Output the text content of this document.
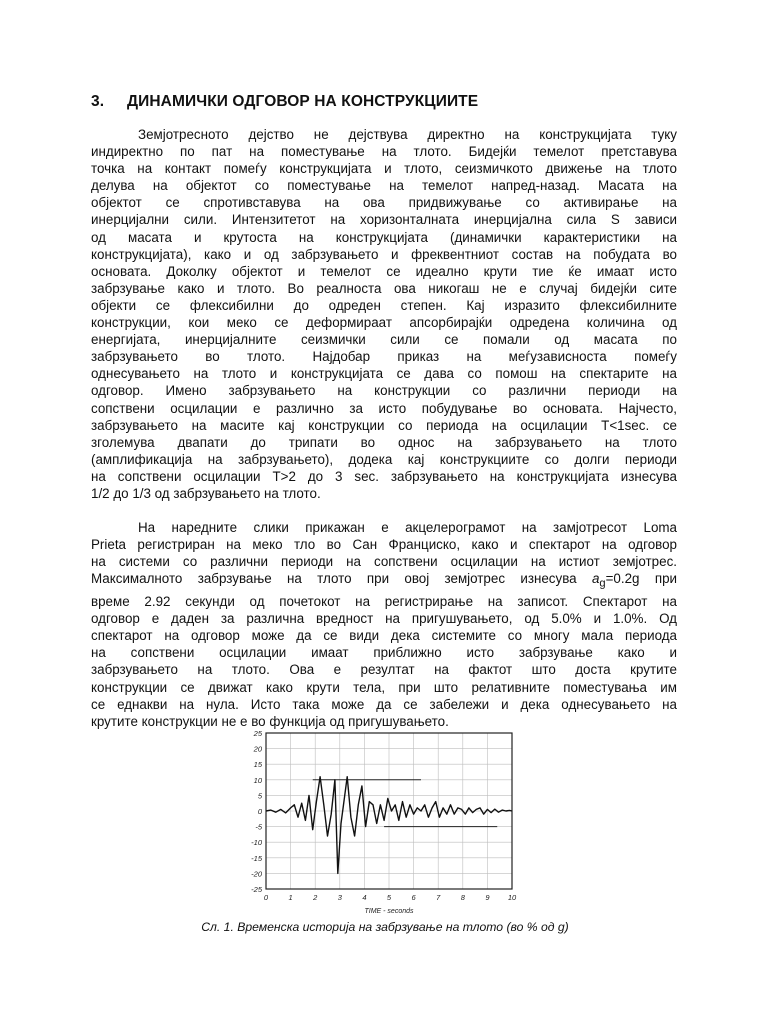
3.	ДИНАМИЧКИ ОДГОВОР НА КОНСТРУКЦИИТЕ
Земјотресното дејство не дејствува директно на конструкцијата туку
индиректно по пат на поместување на тлото. Бидејќи темелот претставува
точка на контакт помеѓу конструкцијата и тлото, сеизмичкото движење на тлото
делува на објектот со поместување на темелот напред-назад. Масата на
објектот се спротивставува на ова придвижување со активирање на
инерцијални сили. Интензитетот на хоризонталната инерцијална сила S зависи
од масата и крутоста на конструкцијата (динамички карактеристики на
конструкцијата), како и од забрзувањето и фреквентниот состав на побудата во
основата. Доколку објектот и темелот се идеално крути тие ќе имаат исто
забрзување како и тлото. Во реалноста ова никогаш не е случај бидејќи сите
објекти се флексибилни до одреден степен. Кај изразито флексибилните
конструкции, кои меко се деформираат апсорбирајќи одредена количина од
енергијата, инерцијалните сеизмички сили се помали од масата по
забрзувањето во тлото. Најдобар приказ на меѓузависноста помеѓу
однесувањето на тлото и конструкцијата се дава со помош на спектарите на
одговор. Имено забрзувањето на конструкции со различни периоди на
сопствени осцилации е различно за исто побудување во основата. Најчесто,
забрзувањето на масите кај конструкции со периода на осцилации T<1sec. се
зголемува двапати до трипати во однос на забрзувањето на тлото
(амплификација на забрзувањето), додека кај конструкциите со долги периоди
на сопствени осцилации T>2 до 3 sec. забрзувањето на конструкцијата изнесува
1/2 до 1/3 од забрзувањето на тлото.
На наредните слики прикажан е акцелерограмот на замјотресот Loma
Prieta регистриран на меко тло во Сан Франциско, како и спектарот на одговор
на системи со различни периоди на сопствени осцилации на истиот земјотрес.
Максималното забрзување на тлото при овој земјотрес изнесува $a_g=0.2g$ при
време 2.92 секунди од почетокот на регистрирање на записот. Спектарот на
одговор е даден за различна вредност на пригушувањето, од 5.0% и 1.0%. Од
спектарот на одговор може да се види дека системите со многу мала периода
на сопствени осцилации имаат приближно исто забрзување како и
забрзувањето на тлото. Ова е резултат на фактот што доста крутите
конструкции се движат како крути тела, при што релативните поместувања им
се еднакви на нула. Исто така може да се забележи и дека однесувањето на
крутите конструкции не е во функција од пригушувањето.
25
20
15
10
5
0
-5
-10
-15
-20
-25
0	1	2	3	4	5	6	7	8	9 10
TIME - seconds
Сл. 1. Временска историја на забрзување на тлото (во % од g)
